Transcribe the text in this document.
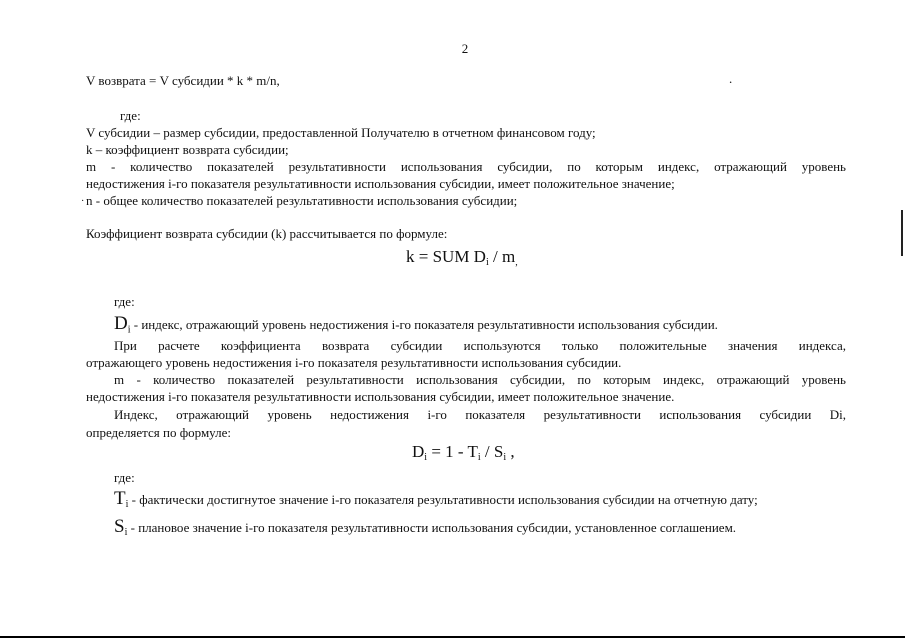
2
V возврата = V субсидии * k * m/n,	.
где:
V субсидии – размер субсидии, предоставленной Получателю в отчетном финансовом году;
k – коэффициент возврата субсидии;
m - количество показателей результативности использования субсидии, по которым индекс, отражающий уровень
недостижения i-го показателя результативности использования субсидии, имеет положительное значение;
· n - общее количество показателей результативности использования субсидии;
Коэффициент возврата субсидии (k) рассчитывается по формуле:
k = SUM $D_i / m_,$
где:
$D_i$ - индекс, отражающий уровень недостижения i-го показателя результативности использования субсидии.
При расчете коэффициента возврата субсидии используются только положительные значения индекса,
отражающего уровень недостижения i-го показателя результативности использования субсидии.
m - количество показателей результативности использования субсидии, по которым индекс, отражающий уровень
недостижения i-го показателя результативности использования субсидии, имеет положительное значение.
Индекс, отражающий уровень недостижения i-го показателя результативности использования субсидии Di,
определяется по формуле:
$D_i = 1 - T_i / S_i$ ,
где:
$T_i$ - фактически достигнутое значение i-го показателя результативности использования субсидии на отчетную дату;
$S_i$ - плановое значение i-го показателя результативности использования субсидии, установленное соглашением.
